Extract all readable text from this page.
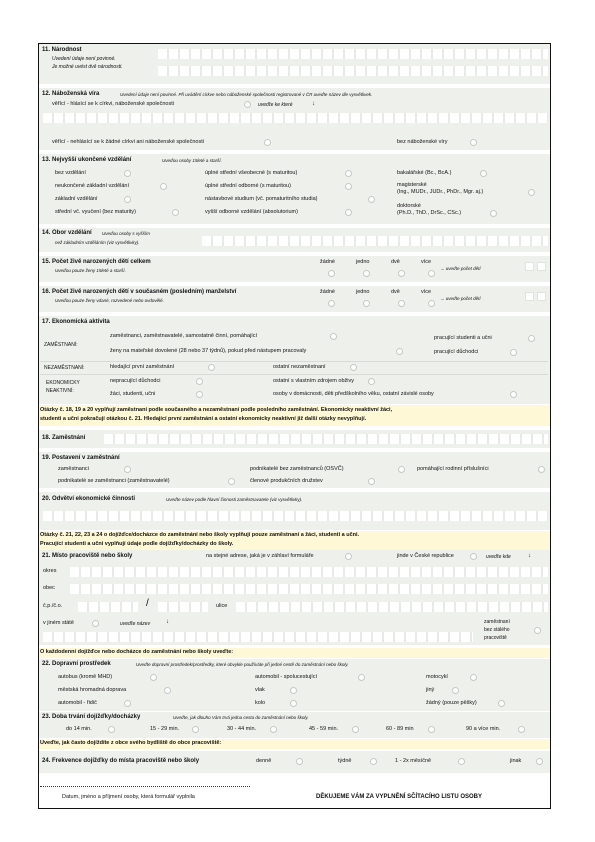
11. Národnost
Uvedení údaje není povinné.
Je možné uvést dvě národnosti.
12. Náboženská víra	Uvedení údaje není povinné. Při uvádění církve nebo náboženské společnosti registrované v ČR uveďte název dle vysvětlivek.
věřící - hlásící se k církvi, náboženské společnosti	uveďte ke které	↓
věřící - nehlásící se k žádné církvi ani náboženské společnosti	bez náboženské víry
13. Nejvyšší ukončené vzdělání	Uveďou osoby 15leté a starší.
bez vzdělání
neukončené základní vzdělání
základní vzdělání
střední vč. vyučení (bez maturity)
úplné střední všeobecné (s maturitou)
úplné střední odborné (s maturitou)
nástavbové studium (vč. pomaturitního studia)
vyšší odborné vzdělání (absolutorium)
bakalářské (Bc., BcA.)
magisterské
(Ing., MUDr., JUDr., PhDr., Mgr. aj.)
doktorské
(Ph.D., ThD., DrSc., CSc.)
14. Obor vzdělání Uveďou osoby s vyšším
než základním vzděláním (viz vysvětlivky).
15. Počet živě narozených dětí celkem
Uveďou pouze ženy 15leté a starší.
žádné	jedno	dvě	více
→ uveďte počet dětí
16. Počet živě narozených dětí v současném (posledním) manželství
Uveďou pouze ženy vdané, rozvedené nebo ovdovělé.
žádné	jedno	dvě	více
→ uveďte počet dětí
17. Ekonomická aktivita
ZAMĚSTNANÍ:
zaměstnanci, zaměstnavatelé, samostatně činní, pomáhající
ženy na mateřské dovolené (28 nebo 37 týdnů), pokud před nástupem pracovaly
pracující studenti a učni
pracující důchodci
NEZAMĚSTNANÍ:	hledající první zaměstnání	ostatní nezaměstnaní
EKONOMICKY
NEAKTIVNÍ:
nepracující důchodci
žáci, studenti, učni
ostatní s vlastním zdrojem obživy
osoby v domácnosti, děti předškolního věku, ostatní závislé osoby
Otázky č. 18, 19 a 20 vyplňují zaměstnaní podle současného a nezaměstnaní podle posledního zaměstnání. Ekonomicky neaktivní žáci,
studenti a učni pokračují otázkou č. 21. Hledající první zaměstnání a ostatní ekonomicky neaktivní již další otázky nevyplňují.
18. Zaměstnání
19. Postavení v zaměstnání
zaměstnanci
podnikatelé se zaměstnanci (zaměstnavatelé)
podnikatelé bez zaměstnanců (OSVČ)
členové produkčních družstev
pomáhající rodinní příslušníci
20. Odvětví ekonomické činnosti	Uveďte název podle hlavní činnosti zaměstnavatele (viz vysvětlivky).
Otázky č. 21, 22, 23 a 24 o dojížďce/docházce do zaměstnání nebo školy vyplňují pouze zaměstnaní a žáci, studenti a učni.
Pracující studenti a učni vyplňují údaje podle dojížďky/docházky do školy.
21. Místo pracoviště nebo školy	na stejné adrese, jaká je v záhlaví formuláře	jinde v České republice	uveďte kde	↓
okres
obec
č.p./č.o.	/	ulice
v jiném státě	uveďte název	↓	zaměstnaní
bez stálého
pracoviště
O každodenní dojížďce nebo docházce do zaměstnání nebo školy uveďte:
22. Dopravní prostředek	Uveďte dopravní prostředek/prostředky, které obvykle používáte při jedné cestě do zaměstnání nebo školy.
autobus (kromě MHD)
městská hromadná doprava
automobil - řidič
automobil - spolucestující
vlak
kolo
motocykl
jiný
žádný (pouze pěšky)
23. Doba trvání dojížďky/docházky	Uveďte, jak dlouho Vám trvá jedna cesta do zaměstnání nebo školy.
do 14 min.	15 - 29 min.	30 - 44 min.	45 - 59 min.	60 - 89 min	90 a více min.
Uveďte, jak často dojíždíte z obce svého bydliště do obce pracoviště:
24. Frekvence dojížďky do místa pracoviště nebo školy	denně	týdně	1 - 2x měsíčně	jinak
Datum, jméno a příjmení osoby, která formulář vyplnila	DĚKUJEME VÁM ZA VYPLNĚNÍ SČÍTACÍHO LISTU OSOBY
